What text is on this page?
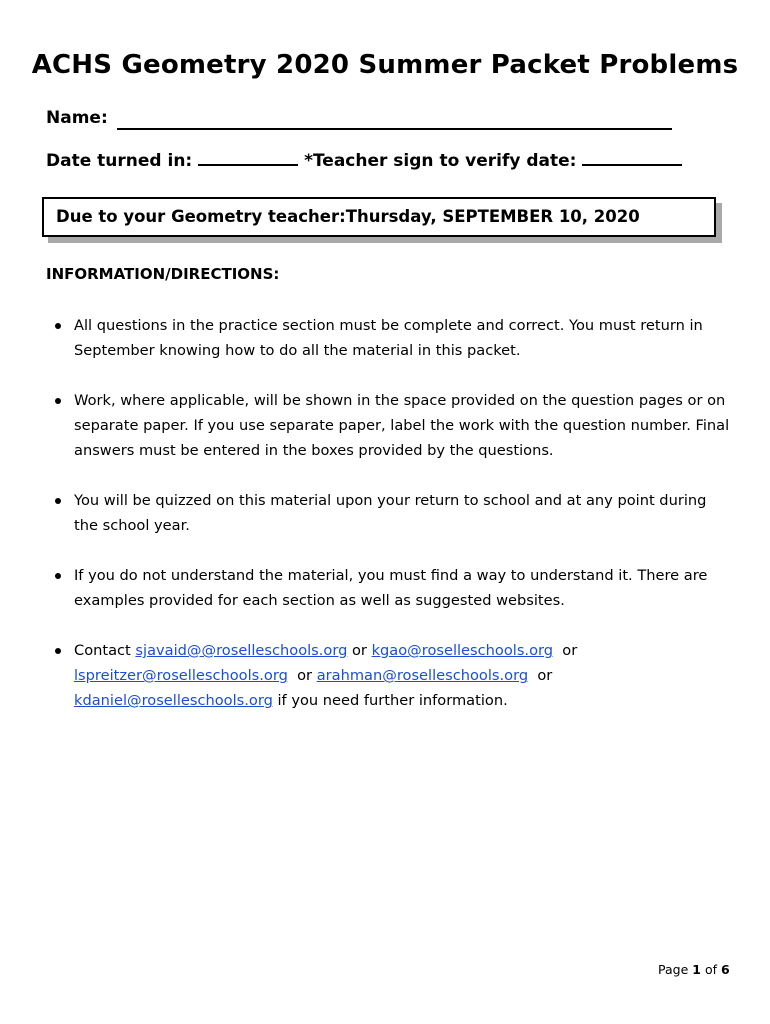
ACHS Geometry 2020 Summer Packet Problems
Name:
Date turned in:	*Teacher sign to verify date:
Due to your Geometry teacher:Thursday, SEPTEMBER 10, 2020
INFORMATION/DIRECTIONS:
All questions in the practice section must be complete and correct. You must return in September knowing how to do all the material in this packet.
Work, where applicable, will be shown in the space provided on the question pages or on separate paper. If you use separate paper, label the work with the question number. Final answers must be entered in the boxes provided by the questions.
You will be quizzed on this material upon your return to school and at any point during the school year.
If you do not understand the material, you must find a way to understand it. There are examples provided for each section as well as suggested websites.
Contact sjavaid@@roselleschools.org or kgao@roselleschools.org or lspreitzer@roselleschools.org or arahman@roselleschools.org or kdaniel@roselleschools.org if you need further information.
Page 1 of 6
